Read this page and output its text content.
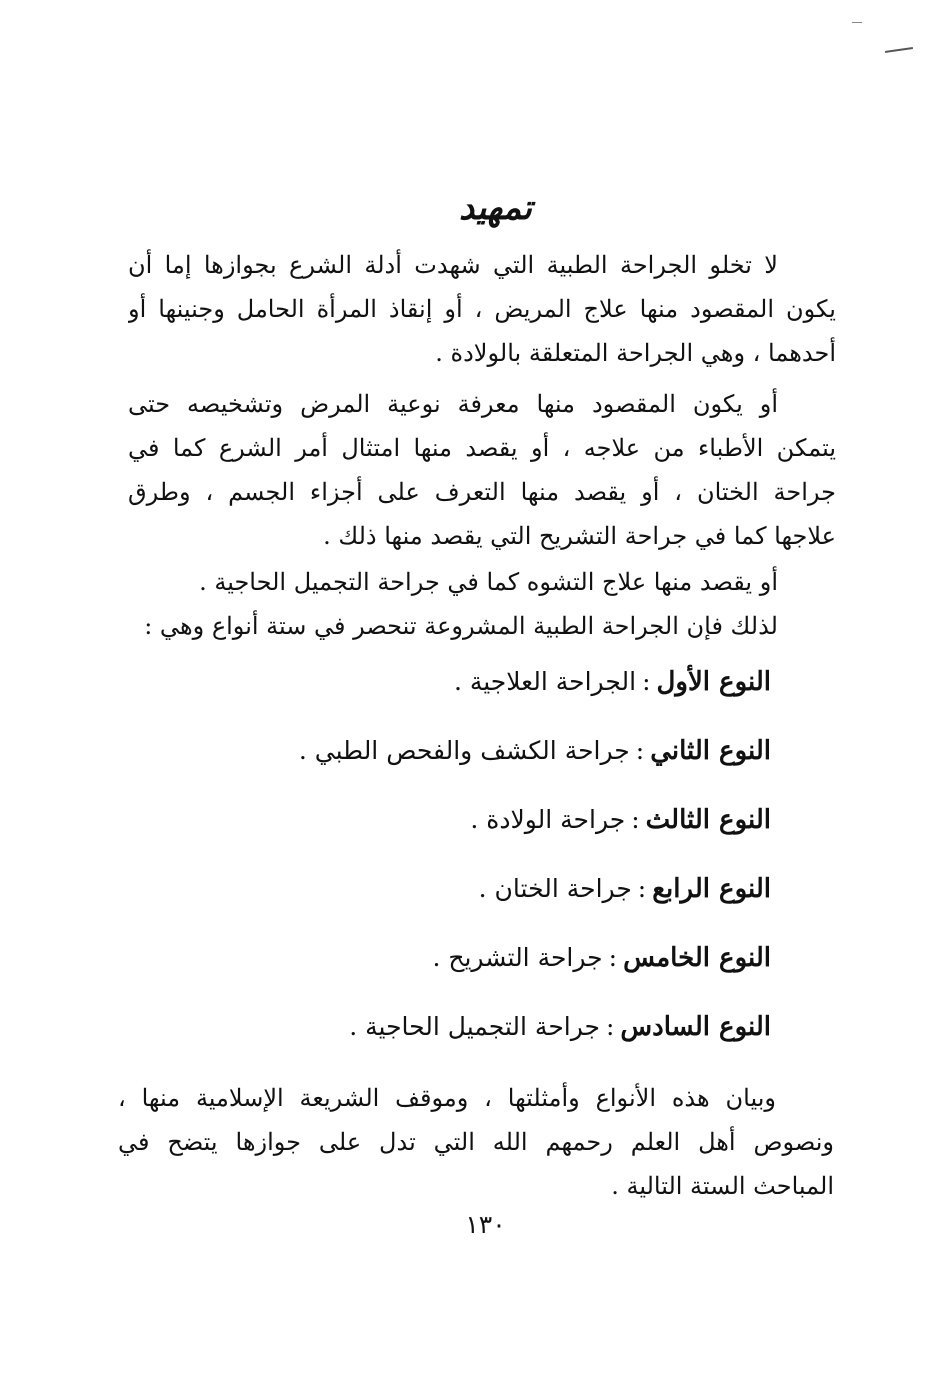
تمهيد
لا تخلو الجراحة الطبية التي شهدت أدلة الشرع بجوازها إما أن
يكون المقصود منها علاج المريض ، أو إنقاذ المرأة الحامل وجنينها أو
أحدهما ، وهي الجراحة المتعلقة بالولادة .
أو يكون المقصود منها معرفة نوعية المرض وتشخيصه حتى
يتمكن الأطباء من علاجه ، أو يقصد منها امتثال أمر الشرع كما في
جراحة الختان ، أو يقصد منها التعرف على أجزاء الجسم ، وطرق
علاجها كما في جراحة التشريح التي يقصد منها ذلك .
أو يقصد منها علاج التشوه كما في جراحة التجميل الحاجية .
لذلك فإن الجراحة الطبية المشروعة تنحصر في ستة أنواع وهي :
النوع الأول:الجراحة العلاجية .
النوع الثاني:جراحة الكشف والفحص الطبي .
النوع الثالث:جراحة الولادة .
النوع الرابع:جراحة الختان .
النوع الخامس:جراحة التشريح .
النوع السادس:جراحة التجميل الحاجية .
وبيان هذه الأنواع وأمثلتها ، وموقف الشريعة الإسلامية منها ،
ونصوص أهل العلم رحمهم الله التي تدل على جوازها يتضح في
المباحث الستة التالية .
١٣٠
